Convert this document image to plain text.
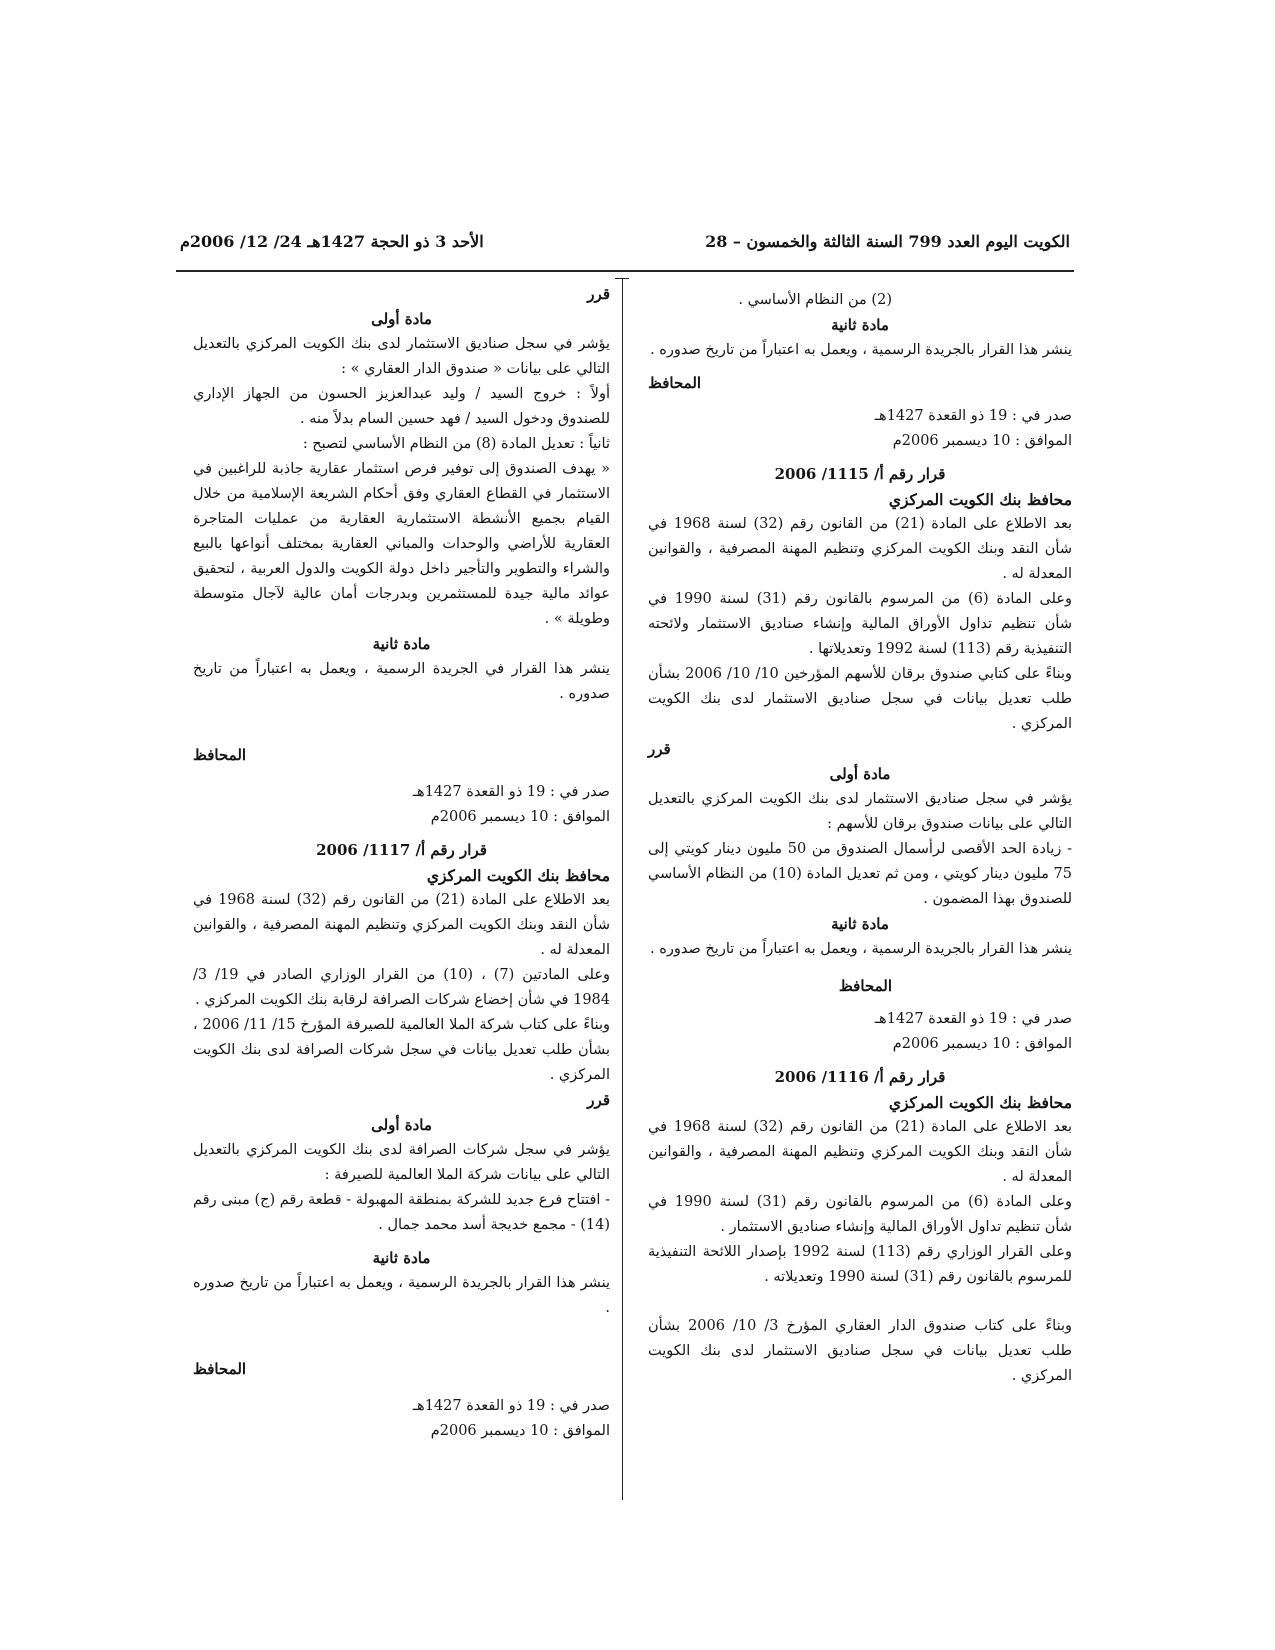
الكويت اليوم العدد 799 السنة الثالثة والخمسون – 28
الأحد 3 ذو الحجة 1427هـ 24/ 12/ 2006م

(2) من النظام الأساسي .

مادة ثانية

ينشر هذا القرار بالجريدة الرسمية ، ويعمل به اعتباراً من تاريخ صدوره .

المحافظ

صدر في : 19 ذو القعدة 1427هـ

الموافق : 10 ديسمبر 2006م

قرار رقم أ/ 1115/ 2006

محافظ بنك الكويت المركزي

بعد الاطلاع على المادة (21) من القانون رقم (32) لسنة 1968 في شأن النقد وبنك الكويت المركزي وتنظيم المهنة المصرفية ، والقوانين المعدلة له .

وعلى المادة (6) من المرسوم بالقانون رقم (31) لسنة 1990 في شأن تنظيم تداول الأوراق المالية وإنشاء صناديق الاستثمار ولائحته التنفيذية رقم (113) لسنة 1992 وتعديلاتها .

وبناءً على كتابي صندوق برقان للأسهم المؤرخين 10/ 10/ 2006 بشأن طلب تعديل بيانات في سجل صناديق الاستثمار لدى بنك الكويت المركزي .

قرر

مادة أولى

يؤشر في سجل صناديق الاستثمار لدى بنك الكويت المركزي بالتعديل التالي على بيانات صندوق برقان للأسهم :

- زيادة الحد الأقصى لرأسمال الصندوق من 50 مليون دينار كويتي إلى 75 مليون دينار كويتي ، ومن ثم تعديل المادة (10) من النظام الأساسي للصندوق بهذا المضمون .

مادة ثانية

ينشر هذا القرار بالجريدة الرسمية ، ويعمل به اعتباراً من تاريخ صدوره .

المحافظ

صدر في : 19 ذو القعدة 1427هـ

الموافق : 10 ديسمبر 2006م

قرار رقم أ/ 1116/ 2006

محافظ بنك الكويت المركزي

بعد الاطلاع على المادة (21) من القانون رقم (32) لسنة 1968 في شأن النقد وبنك الكويت المركزي وتنظيم المهنة المصرفية ، والقوانين المعدلة له .

وعلى المادة (6) من المرسوم بالقانون رقم (31) لسنة 1990 في شأن تنظيم تداول الأوراق المالية وإنشاء صناديق الاستثمار .

وعلى القرار الوزاري رقم (113) لسنة 1992 بإصدار اللائحة التنفيذية للمرسوم بالقانون رقم (31) لسنة 1990 وتعديلاته .

وبناءً على كتاب صندوق الدار العقاري المؤرخ 3/ 10/ 2006 بشأن طلب تعديل بيانات في سجل صناديق الاستثمار لدى بنك الكويت المركزي .

قرر

مادة أولى

يؤشر في سجل صناديق الاستثمار لدى بنك الكويت المركزي بالتعديل التالي على بيانات « صندوق الدار العقاري » :

أولاً : خروج السيد / وليد عبدالعزيز الحسون من الجهاز الإداري للصندوق ودخول السيد / فهد حسين السام بدلاً منه .

ثانياً : تعديل المادة (8) من النظام الأساسي لتصبح :

« يهدف الصندوق إلى توفير فرص استثمار عقارية جاذبة للراغبين في الاستثمار في القطاع العقاري وفق أحكام الشريعة الإسلامية من خلال القيام بجميع الأنشطة الاستثمارية العقارية من عمليات المتاجرة العقارية للأراضي والوحدات والمباني العقارية بمختلف أنواعها بالبيع والشراء والتطوير والتأجير داخل دولة الكويت والدول العربية ، لتحقيق عوائد مالية جيدة للمستثمرين وبدرجات أمان عالية لآجال متوسطة وطويلة » .

مادة ثانية

ينشر هذا القرار في الجريدة الرسمية ، ويعمل به اعتباراً من تاريخ صدوره .

المحافظ

صدر في : 19 ذو القعدة 1427هـ

الموافق : 10 ديسمبر 2006م

قرار رقم أ/ 1117/ 2006

محافظ بنك الكويت المركزي

بعد الاطلاع على المادة (21) من القانون رقم (32) لسنة 1968 في شأن النقد وبنك الكويت المركزي وتنظيم المهنة المصرفية ، والقوانين المعدلة له .

وعلى المادتين (7) ، (10) من القرار الوزاري الصادر في 19/ 3/ 1984 في شأن إخضاع شركات الصرافة لرقابة بنك الكويت المركزي .

وبناءً على كتاب شركة الملا العالمية للصيرفة المؤرخ 15/ 11/ 2006 ، بشأن طلب تعديل بيانات في سجل شركات الصرافة لدى بنك الكويت المركزي .

قرر

مادة أولى

يؤشر في سجل شركات الصرافة لدى بنك الكويت المركزي بالتعديل التالي على بيانات شركة الملا العالمية للصيرفة :

- افتتاح فرع جديد للشركة بمنطقة المهبولة - قطعة رقم (ج) مبنى رقم (14) - مجمع خديجة أسد محمد جمال .

مادة ثانية

ينشر هذا القرار بالجريدة الرسمية ، ويعمل به اعتباراً من تاريخ صدوره .

المحافظ

صدر في : 19 ذو القعدة 1427هـ

الموافق : 10 ديسمبر 2006م
